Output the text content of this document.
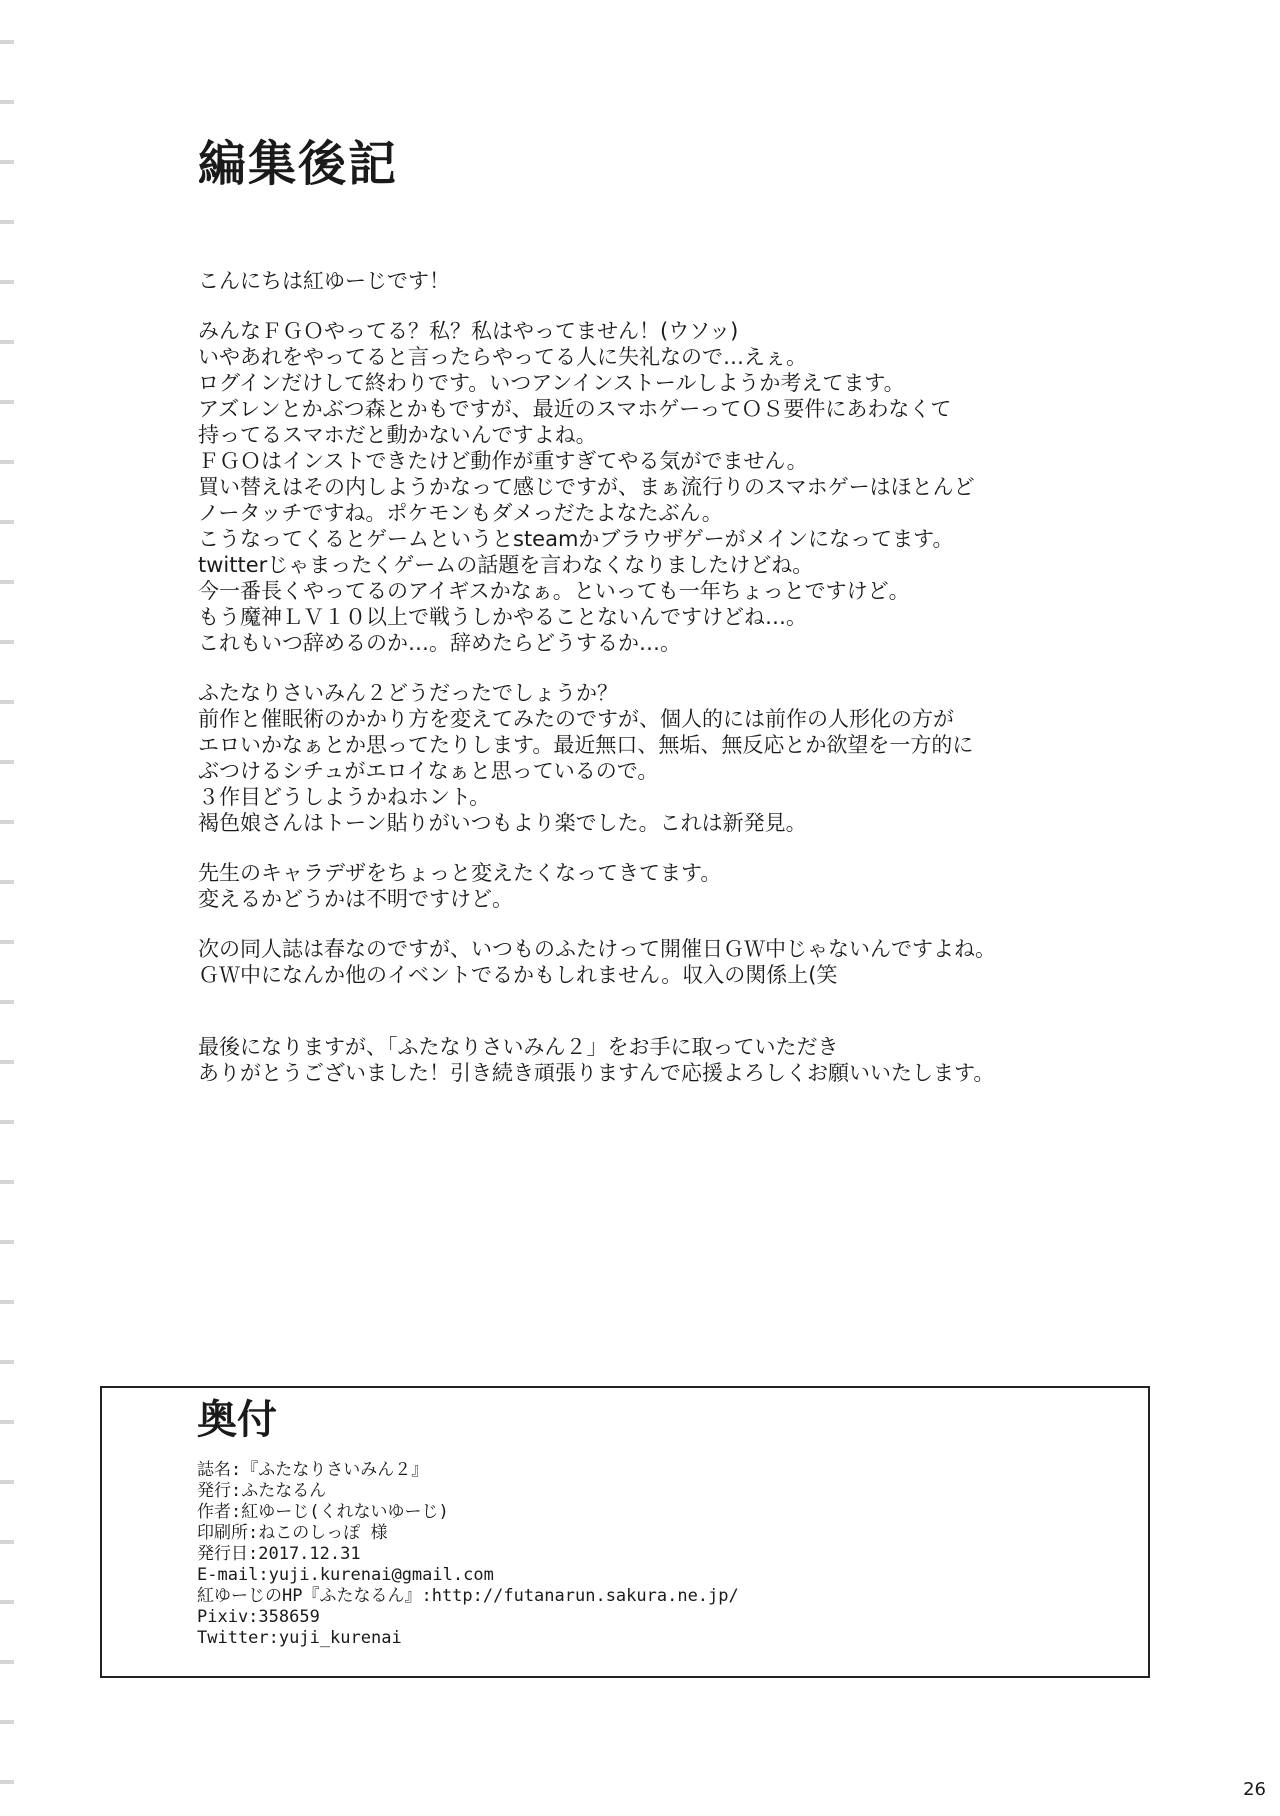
編集後記

こんにちは紅ゆーじです！

みんなＦＧＯやってる？私？私はやってません！(ウソッ)
いやあれをやってると言ったらやってる人に失礼なので…えぇ。
ログインだけして終わりです。いつアンインストールしようか考えてます。
アズレンとかぶつ森とかもですが、最近のスマホゲーってＯＳ要件にあわなくて
持ってるスマホだと動かないんですよね。
ＦＧＯはインストできたけど動作が重すぎてやる気がでません。
買い替えはその内しようかなって感じですが、まぁ流行りのスマホゲーはほとんど
ノータッチですね。ポケモンもダメっだたよなたぶん。
こうなってくるとゲームというとsteamかブラウザゲーがメインになってます。
twitterじゃまったくゲームの話題を言わなくなりましたけどね。
今一番長くやってるのアイギスかなぁ。といっても一年ちょっとですけど。
もう魔神ＬＶ１０以上で戦うしかやることないんですけどね…。
これもいつ辞めるのか…。辞めたらどうするか…。

ふたなりさいみん２どうだったでしょうか？
前作と催眠術のかかり方を変えてみたのですが、個人的には前作の人形化の方が
エロいかなぁとか思ってたりします。最近無口、無垢、無反応とか欲望を一方的に
ぶつけるシチュがエロイなぁと思っているので。
３作目どうしようかねホント。
褐色娘さんはトーン貼りがいつもより楽でした。これは新発見。

先生のキャラデザをちょっと変えたくなってきてます。
変えるかどうかは不明ですけど。

次の同人誌は春なのですが、いつものふたけって開催日ＧＷ中じゃないんですよね。
ＧＷ中になんか他のイベントでるかもしれません。収入の関係上(笑

最後になりますが、「ふたなりさいみん２」をお手に取っていただき
ありがとうございました！引き続き頑張りますんで応援よろしくお願いいたします。

奥付
誌名:『ふたなりさいみん２』
発行:ふたなるん
作者:紅ゆーじ(くれないゆーじ)
印刷所:ねこのしっぽ 様
発行日:2017.12.31
E-mail:yuji.kurenai@gmail.com
紅ゆーじのHP『ふたなるん』:http://futanarun.sakura.ne.jp/
Pixiv:358659
Twitter:yuji_kurenai
26
